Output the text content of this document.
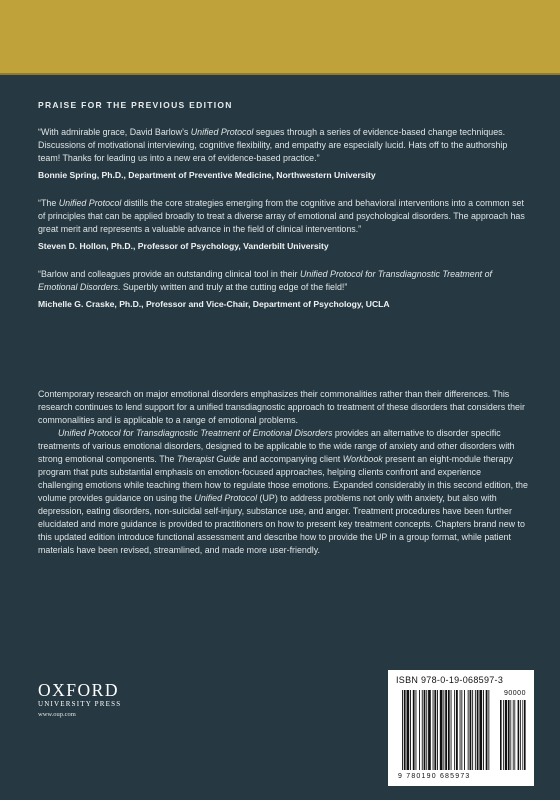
PRAISE FOR THE PREVIOUS EDITION

“With admirable grace, David Barlow’s Unified Protocol segues through a series of evidence-based change techniques. Discussions of motivational interviewing, cognitive flexibility, and empathy are especially lucid. Hats off to the authorship team! Thanks for leading us into a new era of evidence-based practice.”

Bonnie Spring, Ph.D., Department of Preventive Medicine, Northwestern University

“The Unified Protocol distills the core strategies emerging from the cognitive and behavioral interventions into a common set of principles that can be applied broadly to treat a diverse array of emotional and psychological disorders. The approach has great merit and represents a valuable advance in the field of clinical interventions.”

Steven D. Hollon, Ph.D., Professor of Psychology, Vanderbilt University

“Barlow and colleagues provide an outstanding clinical tool in their Unified Protocol for Transdiagnostic Treatment of Emotional Disorders. Superbly written and truly at the cutting edge of the field!”

Michelle G. Craske, Ph.D., Professor and Vice-Chair, Department of Psychology, UCLA

Contemporary research on major emotional disorders emphasizes their commonalities rather than their differences. This research continues to lend support for a unified transdiagnostic approach to treatment of these disorders that considers their commonalities and is applicable to a range of emotional problems.

Unified Protocol for Transdiagnostic Treatment of Emotional Disorders provides an alternative to disorder specific treatments of various emotional disorders, designed to be applicable to the wide range of anxiety and other disorders with strong emotional components. The Therapist Guide and accompanying client Workbook present an eight-module therapy program that puts substantial emphasis on emotion-focused approaches, helping clients confront and experience challenging emotions while teaching them how to regulate those emotions. Expanded considerably in this second edition, the volume provides guidance on using the Unified Protocol (UP) to address problems not only with anxiety, but also with depression, eating disorders, non-suicidal self-injury, substance use, and anger. Treatment procedures have been further elucidated and more guidance is provided to practitioners on how to present key treatment concepts. Chapters brand new to this updated edition introduce functional assessment and describe how to provide the UP in a group format, while patient materials have been revised, streamlined, and made more user-friendly.

OXFORD
UNIVERSITY PRESS
www.oup.com
ISBN 978-0-19-068597-3
90000
9 780190 685973
